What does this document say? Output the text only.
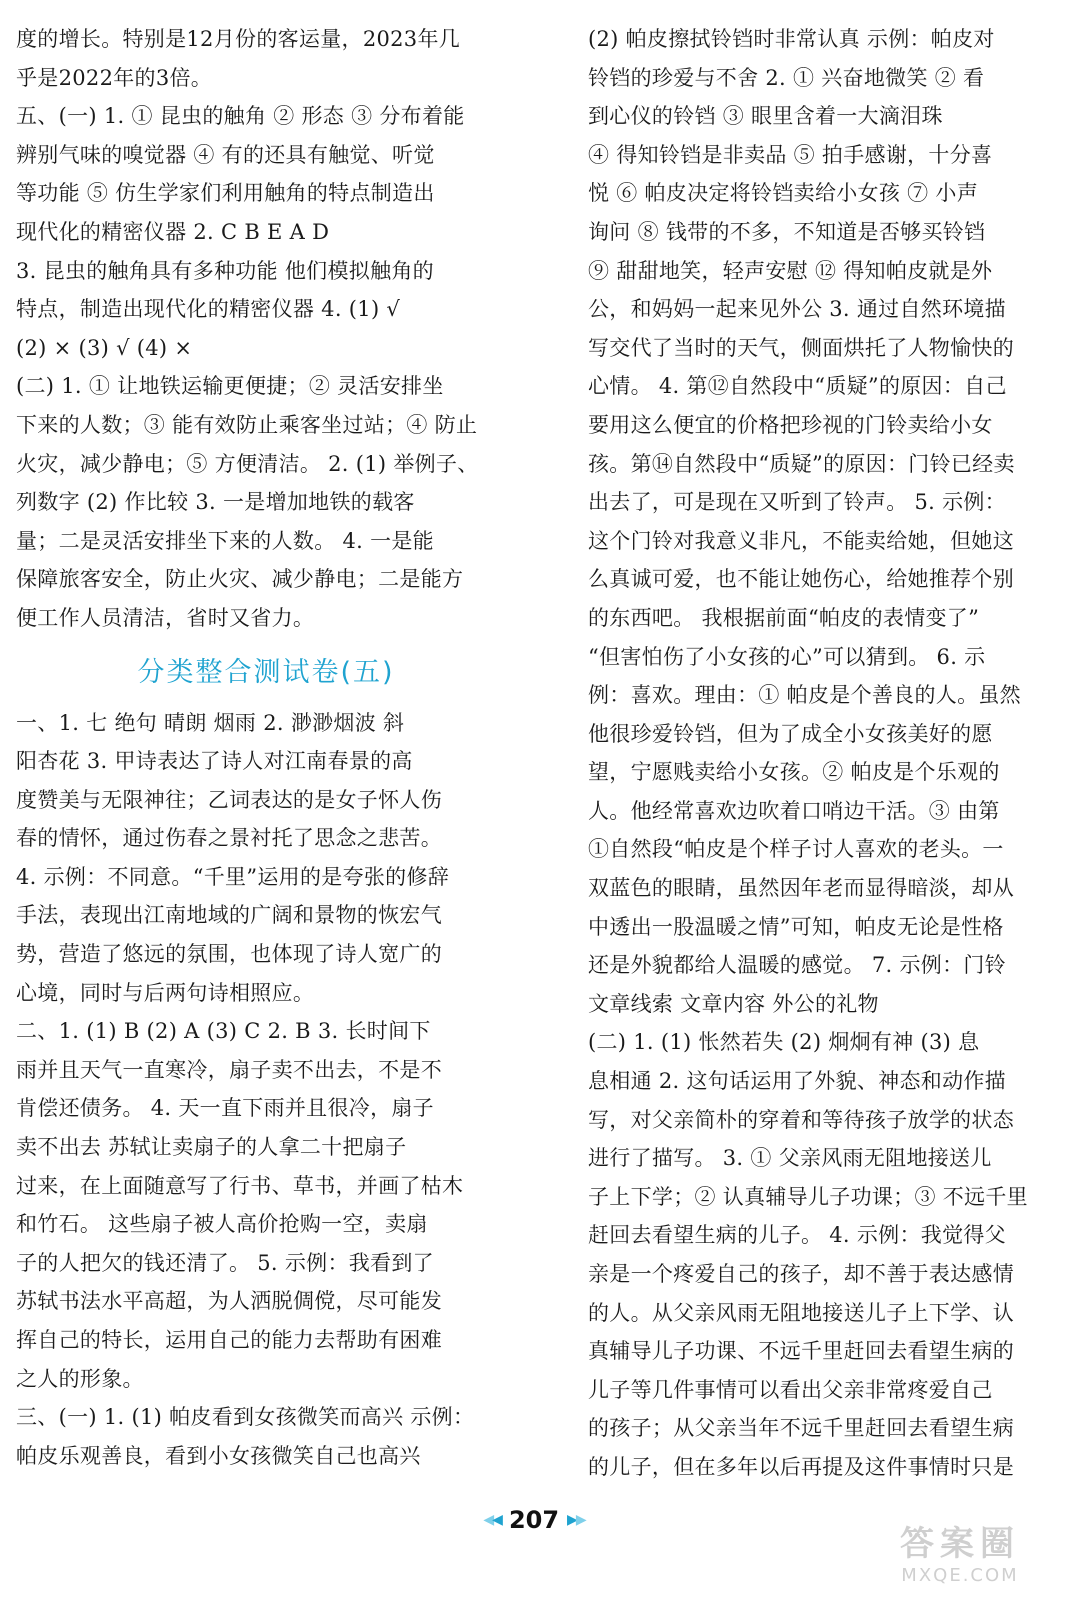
度的增长。特别是12月份的客运量，2023年几
乎是2022年的3倍。
五、(一) 1. ① 昆虫的触角 ② 形态 ③ 分布着能
辨别气味的嗅觉器 ④ 有的还具有触觉、听觉
等功能 ⑤ 仿生学家们利用触角的特点制造出
现代化的精密仪器 2. C B E A D
3. 昆虫的触角具有多种功能 他们模拟触角的
特点，制造出现代化的精密仪器 4. (1) √
(2) × (3) √ (4) ×
(二) 1. ① 让地铁运输更便捷；② 灵活安排坐
下来的人数；③ 能有效防止乘客坐过站；④ 防止
火灾，减少静电；⑤ 方便清洁。 2. (1) 举例子、
列数字 (2) 作比较 3. 一是增加地铁的载客
量；二是灵活安排坐下来的人数。 4. 一是能
保障旅客安全，防止火灾、减少静电；二是能方
便工作人员清洁，省时又省力。
分类整合测试卷(五)
一、1. 七 绝句 晴朗 烟雨 2. 渺渺烟波 斜
阳杏花 3. 甲诗表达了诗人对江南春景的高
度赞美与无限神往；乙词表达的是女子怀人伤
春的情怀，通过伤春之景衬托了思念之悲苦。
4. 示例：不同意。“千里”运用的是夸张的修辞
手法，表现出江南地域的广阔和景物的恢宏气
势，营造了悠远的氛围，也体现了诗人宽广的
心境，同时与后两句诗相照应。
二、1. (1) B (2) A (3) C 2. B 3. 长时间下
雨并且天气一直寒冷，扇子卖不出去，不是不
肯偿还债务。 4. 天一直下雨并且很冷，扇子
卖不出去 苏轼让卖扇子的人拿二十把扇子
过来，在上面随意写了行书、草书，并画了枯木
和竹石。 这些扇子被人高价抢购一空，卖扇
子的人把欠的钱还清了。 5. 示例：我看到了
苏轼书法水平高超，为人洒脱倜傥，尽可能发
挥自己的特长，运用自己的能力去帮助有困难
之人的形象。
三、(一) 1. (1) 帕皮看到女孩微笑而高兴 示例：
帕皮乐观善良，看到小女孩微笑自己也高兴
(2) 帕皮擦拭铃铛时非常认真 示例：帕皮对
铃铛的珍爱与不舍 2. ① 兴奋地微笑 ② 看
到心仪的铃铛 ③ 眼里含着一大滴泪珠
④ 得知铃铛是非卖品 ⑤ 拍手感谢，十分喜
悦 ⑥ 帕皮决定将铃铛卖给小女孩 ⑦ 小声
询问 ⑧ 钱带的不多，不知道是否够买铃铛
⑨ 甜甜地笑，轻声安慰 ⑫ 得知帕皮就是外
公，和妈妈一起来见外公 3. 通过自然环境描
写交代了当时的天气，侧面烘托了人物愉快的
心情。 4. 第⑫自然段中“质疑”的原因：自己
要用这么便宜的价格把珍视的门铃卖给小女
孩。第⑭自然段中“质疑”的原因：门铃已经卖
出去了，可是现在又听到了铃声。 5. 示例：
这个门铃对我意义非凡，不能卖给她，但她这
么真诚可爱，也不能让她伤心，给她推荐个别
的东西吧。 我根据前面“帕皮的表情变了”
“但害怕伤了小女孩的心”可以猜到。 6. 示
例：喜欢。理由：① 帕皮是个善良的人。虽然
他很珍爱铃铛，但为了成全小女孩美好的愿
望，宁愿贱卖给小女孩。② 帕皮是个乐观的
人。他经常喜欢边吹着口哨边干活。③ 由第
①自然段“帕皮是个样子讨人喜欢的老头。一
双蓝色的眼睛，虽然因年老而显得暗淡，却从
中透出一股温暖之情”可知，帕皮无论是性格
还是外貌都给人温暖的感觉。 7. 示例：门铃
文章线索 文章内容 外公的礼物
(二) 1. (1) 怅然若失 (2) 炯炯有神 (3) 息
息相通 2. 这句话运用了外貌、神态和动作描
写，对父亲简朴的穿着和等待孩子放学的状态
进行了描写。 3. ① 父亲风雨无阻地接送儿
子上下学；② 认真辅导儿子功课；③ 不远千里
赶回去看望生病的儿子。 4. 示例：我觉得父
亲是一个疼爱自己的孩子，却不善于表达感情
的人。从父亲风雨无阻地接送儿子上下学、认
真辅导儿子功课、不远千里赶回去看望生病的
儿子等几件事情可以看出父亲非常疼爱自己
的孩子；从父亲当年不远千里赶回去看望生病
的儿子，但在多年以后再提及这件事情时只是
◀◀ 207 ▶▶
答案圈
MXQE.COM
